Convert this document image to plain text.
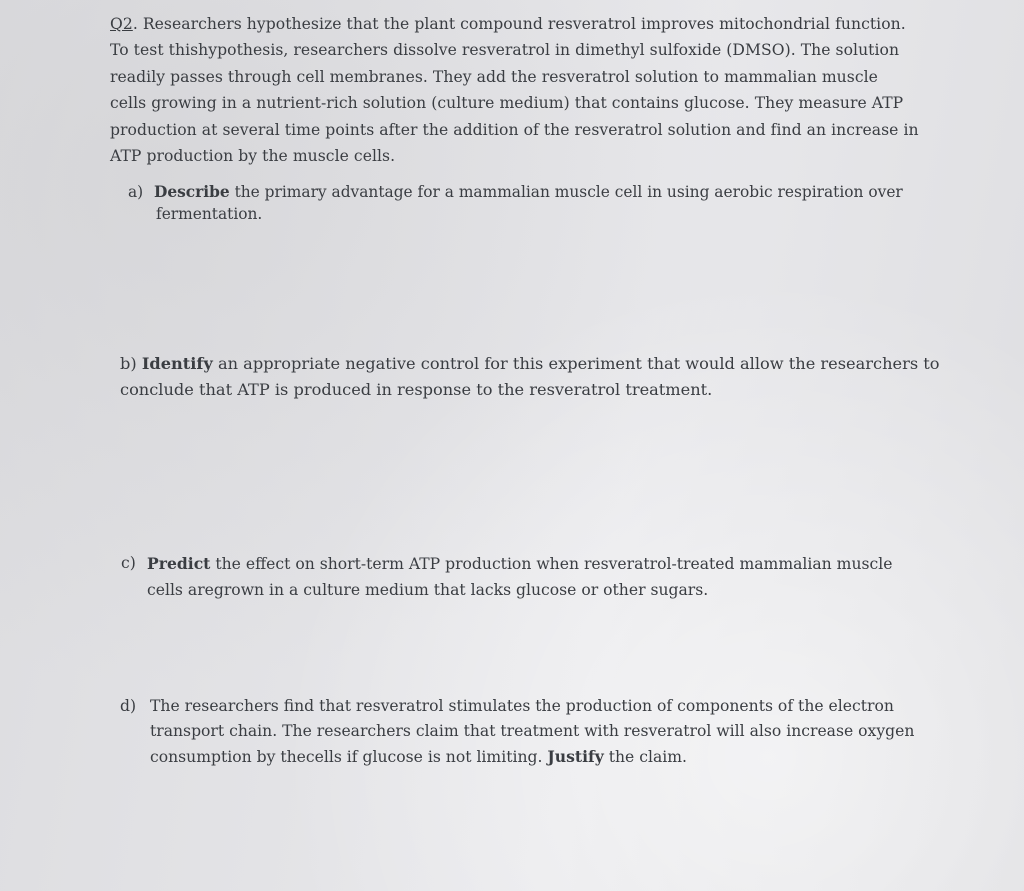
Q2. Researchers hypothesize that the plant compound resveratrol improves mitochondrial function.
To test thishypothesis, researchers dissolve resveratrol in dimethyl sulfoxide (DMSO). The solution
readily passes through cell membranes. They add the resveratrol solution to mammalian muscle
cells growing in a nutrient-rich solution (culture medium) that contains glucose. They measure ATP
production at several time points after the addition of the resveratrol solution and find an increase in
ATP production by the muscle cells.

a) Describe the primary advantage for a mammalian muscle cell in using aerobic respiration over
fermentation.
b) Identify an appropriate negative control for this experiment that would allow the researchers to
conclude that ATP is produced in response to the resveratrol treatment.
c) Predict the effect on short-term ATP production when resveratrol-treated mammalian muscle
cells aregrown in a culture medium that lacks glucose or other sugars.
d) The researchers find that resveratrol stimulates the production of components of the electron
transport chain. The researchers claim that treatment with resveratrol will also increase oxygen
consumption by thecells if glucose is not limiting. Justify the claim.
